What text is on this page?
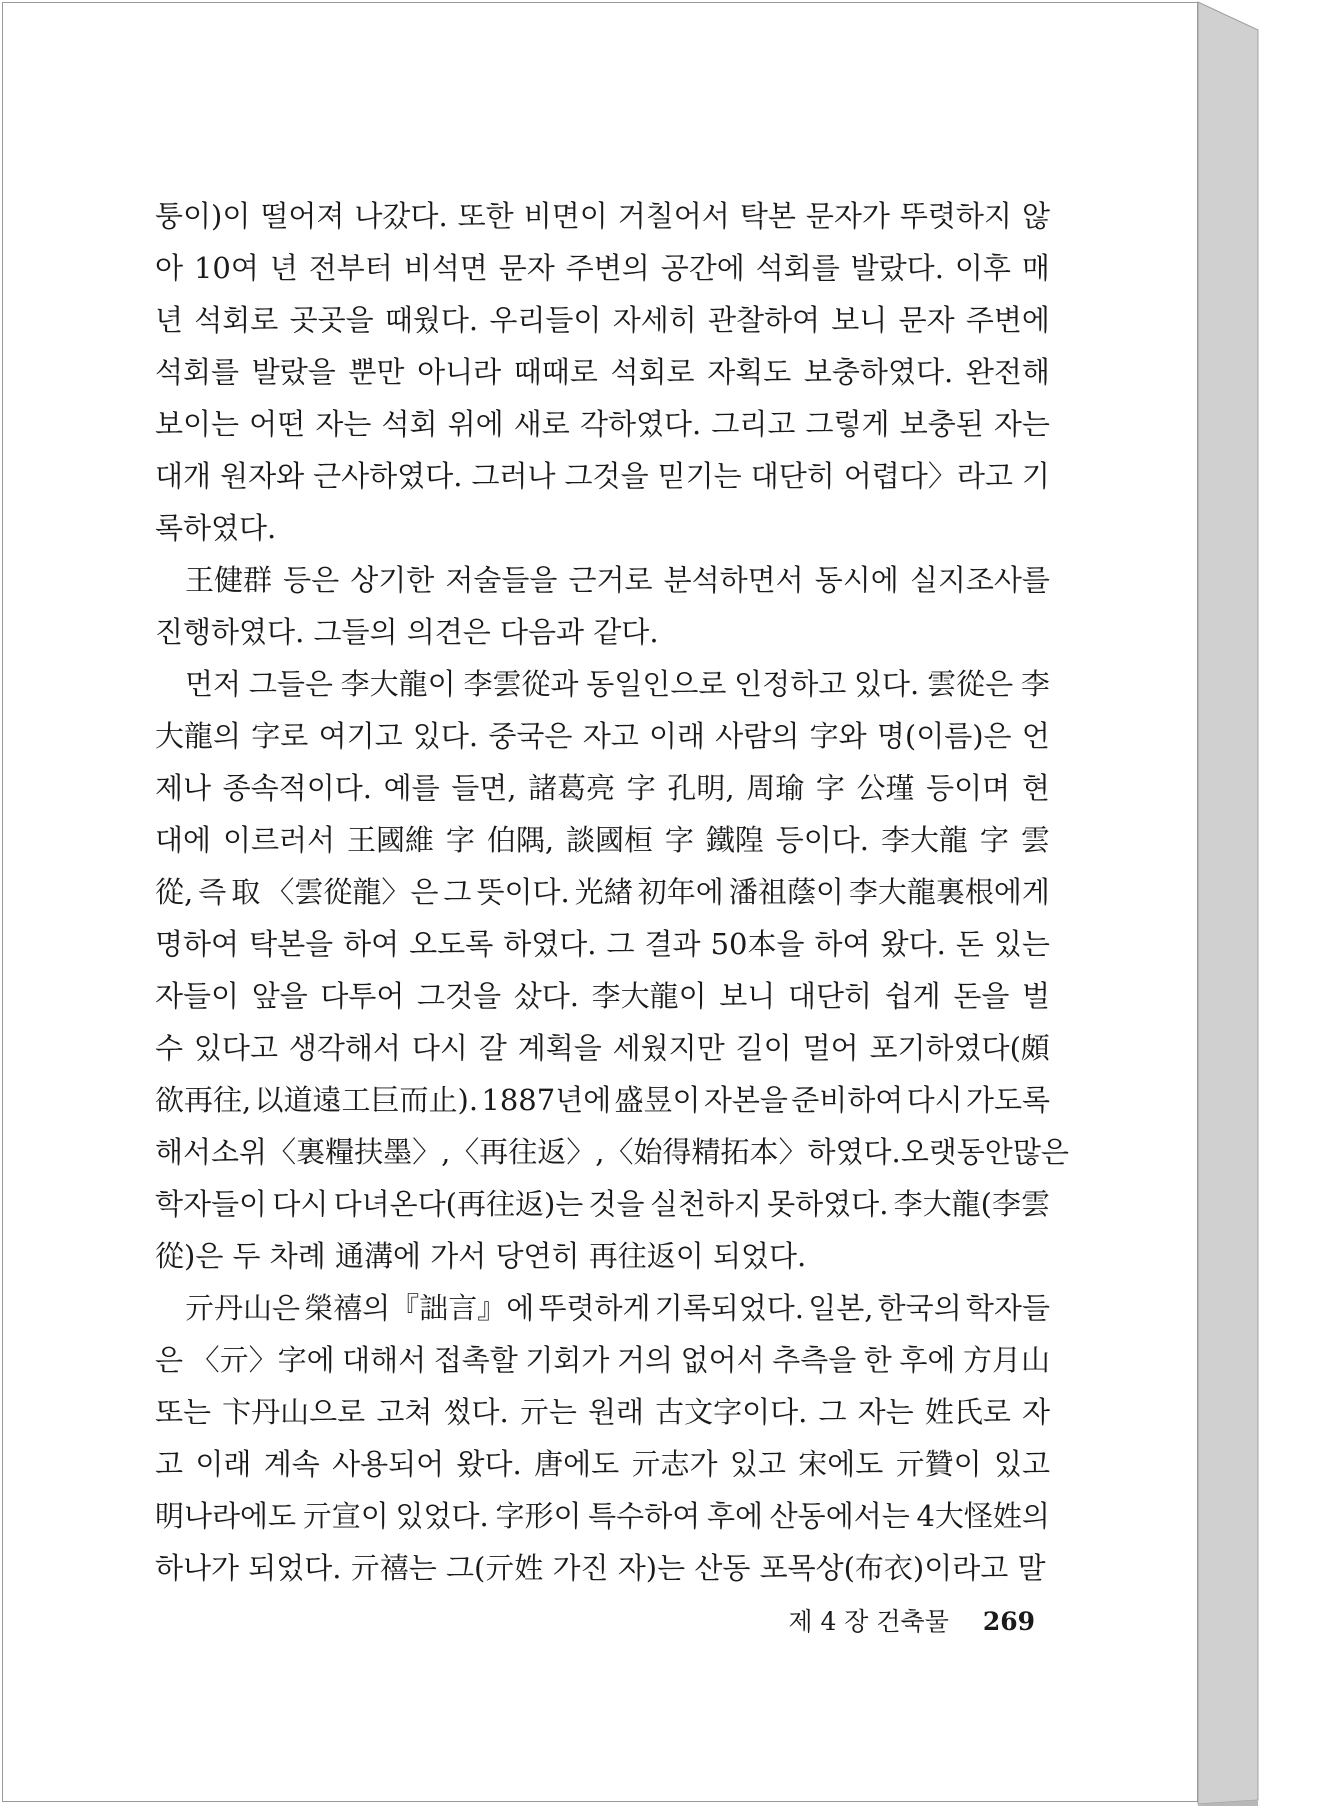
퉁이)이 떨어져 나갔다. 또한 비면이 거칠어서 탁본 문자가 뚜렷하지 않
아 10여 년 전부터 비석면 문자 주변의 공간에 석회를 발랐다. 이후 매
년 석회로 곳곳을 때웠다. 우리들이 자세히 관찰하여 보니 문자 주변에
석회를 발랐을 뿐만 아니라 때때로 석회로 자획도 보충하였다. 완전해
보이는 어떤 자는 석회 위에 새로 각하였다. 그리고 그렇게 보충된 자는
대개 원자와 근사하였다. 그러나 그것을 믿기는 대단히 어렵다〉라고 기
록하였다.
王健群 등은 상기한 저술들을 근거로 분석하면서 동시에 실지조사를
진행하였다. 그들의 의견은 다음과 같다.
먼저 그들은 李大龍이 李雲從과 동일인으로 인정하고 있다. 雲從은 李
大龍의 字로 여기고 있다. 중국은 자고 이래 사람의 字와 명(이름)은 언
제나 종속적이다. 예를 들면, 諸葛亮 字 孔明, 周瑜 字 公瑾 등이며 현
대에 이르러서 王國維 字 伯隅, 談國桓 字 鐵隍 등이다. 李大龍 字 雲
從, 즉 取 〈雲從龍〉은 그 뜻이다. 光緖 初年에 潘祖蔭이 李大龍裏根에게
명하여 탁본을 하여 오도록 하였다. 그 결과 50本을 하여 왔다. 돈 있는
자들이 앞을 다투어 그것을 샀다. 李大龍이 보니 대단히 쉽게 돈을 벌
수 있다고 생각해서 다시 갈 계획을 세웠지만 길이 멀어 포기하였다(頗
欲再往, 以道遠工巨而止). 1887년에 盛昱이 자본을 준비하여 다시 가도록
해서 소위 〈裏糧扶墨〉, 〈再往返〉, 〈始得精拓本〉하였다. 오랫동안 많은
학자들이 다시 다녀온다(再往返)는 것을 실천하지 못하였다. 李大龍(李雲
從)은 두 차례 通溝에 가서 당연히 再往返이 되었다.
亓丹山은 榮禧의『詘言』에 뚜렷하게 기록되었다. 일본, 한국의 학자들
은 〈亓〉字에 대해서 접촉할 기회가 거의 없어서 추측을 한 후에 方月山
또는 卞丹山으로 고쳐 썼다. 亓는 원래 古文字이다. 그 자는 姓氏로 자
고 이래 계속 사용되어 왔다. 唐에도 亓志가 있고 宋에도 亓贊이 있고
明나라에도 亓宣이 있었다. 字形이 특수하여 후에 산동에서는 4大怪姓의
하나가 되었다. 亓禧는 그(亓姓 가진 자)는 산동 포목상(布衣)이라고 말
제 4 장 건축물 269
